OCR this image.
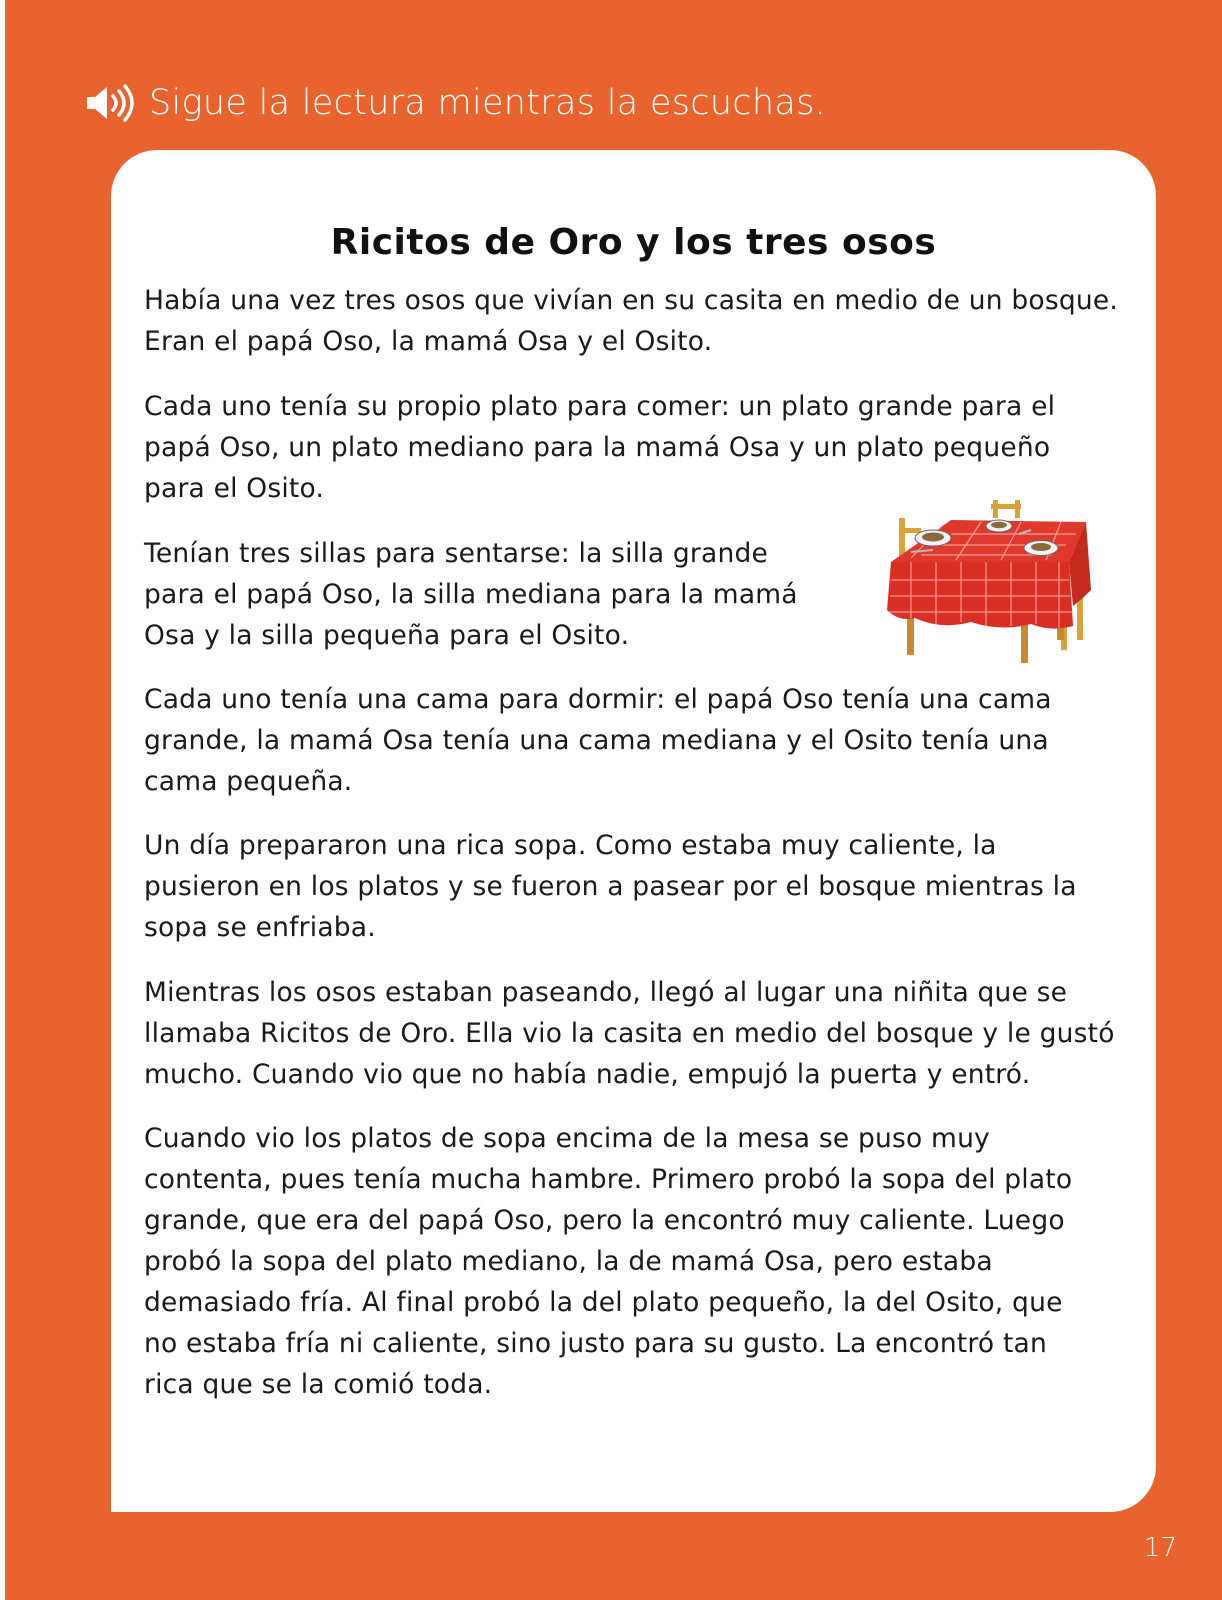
Sigue la lectura mientras la escuchas.
Ricitos de Oro y los tres osos

Había una vez tres osos que vivían en su casita en medio de un bosque. Eran el papá Oso, la mamá Osa y el Osito.

Cada uno tenía su propio plato para comer: un plato grande para el papá Oso, un plato mediano para la mamá Osa y un plato pequeño para el Osito.

Tenían tres sillas para sentarse: la silla grande para el papá Oso, la silla mediana para la mamá Osa y la silla pequeña para el Osito.

Cada uno tenía una cama para dormir: el papá Oso tenía una cama grande, la mamá Osa tenía una cama mediana y el Osito tenía una cama pequeña.

Un día prepararon una rica sopa. Como estaba muy caliente, la pusieron en los platos y se fueron a pasear por el bosque mientras la sopa se enfriaba.

Mientras los osos estaban paseando, llegó al lugar una niñita que se llamaba Ricitos de Oro. Ella vio la casita en medio del bosque y le gustó mucho. Cuando vio que no había nadie, empujó la puerta y entró.

Cuando vio los platos de sopa encima de la mesa se puso muy contenta, pues tenía mucha hambre. Primero probó la sopa del plato grande, que era del papá Oso, pero la encontró muy caliente. Luego probó la sopa del plato mediano, la de mamá Osa, pero estaba demasiado fría. Al final probó la del plato pequeño, la del Osito, que no estaba fría ni caliente, sino justo para su gusto. La encontró tan rica que se la comió toda.

17
